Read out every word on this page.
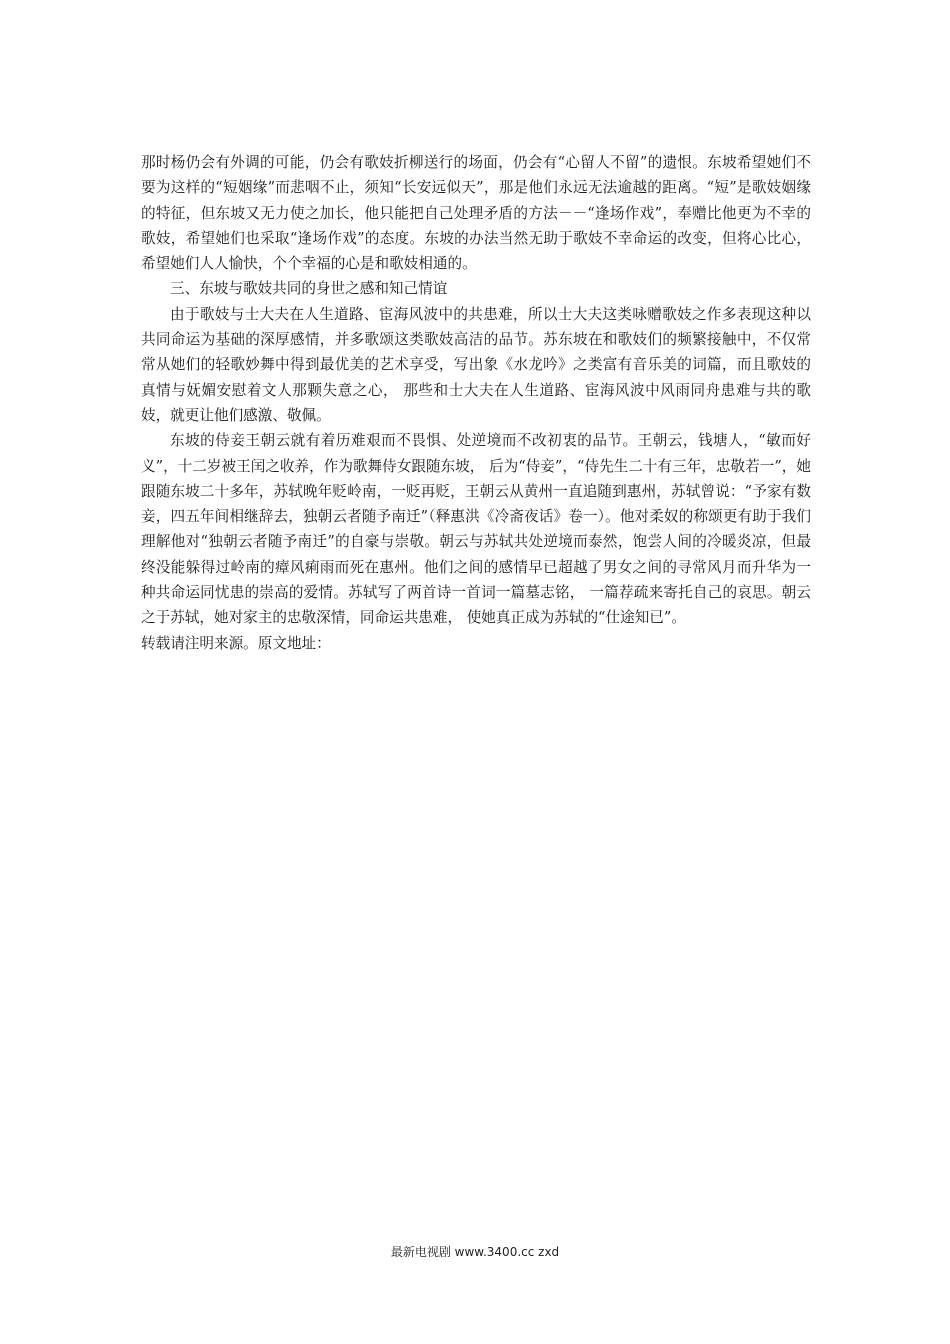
那时杨仍会有外调的可能，仍会有歌妓折柳送行的场面，仍会有“心留人不留”的遗恨。东坡希望她们不要为这样的“短姻缘”而悲咽不止，须知“长安远似天”，那是他们永远无法逾越的距离。“短”是歌妓姻缘的特征，但东坡又无力使之加长，他只能把自己处理矛盾的方法－－“逢场作戏”，奉赠比他更为不幸的歌妓，希望她们也采取“逢场作戏”的态度。东坡的办法当然无助于歌妓不幸命运的改变，但将心比心，希望她们人人愉快，个个幸福的心是和歌妓相通的。

三、东坡与歌妓共同的身世之感和知己情谊

由于歌妓与士大夫在人生道路、宦海风波中的共患难，所以士大夫这类咏赠歌妓之作多表现这种以共同命运为基础的深厚感情，并多歌颂这类歌妓高洁的品节。苏东坡在和歌妓们的频繁接触中，不仅常常从她们的轻歌妙舞中得到最优美的艺术享受，写出象《水龙吟》之类富有音乐美的词篇，而且歌妓的真情与妩媚安慰着文人那颗失意之心， 那些和士大夫在人生道路、宦海风波中风雨同舟患难与共的歌妓，就更让他们感激、敬佩。

东坡的侍妾王朝云就有着历难艰而不畏惧、处逆境而不改初衷的品节。王朝云，钱塘人，“敏而好义”，十二岁被王闰之收养，作为歌舞侍女跟随东坡， 后为“侍妾”，“侍先生二十有三年，忠敬若一”，她跟随东坡二十多年，苏轼晚年贬岭南，一贬再贬，王朝云从黄州一直追随到惠州，苏轼曾说：“予家有数妾，四五年间相继辞去，独朝云者随予南迁”（释惠洪《冷斋夜话》卷一）。他对柔奴的称颂更有助于我们理解他对“独朝云者随予南迁”的自豪与崇敬。朝云与苏轼共处逆境而泰然，饱尝人间的冷暖炎凉，但最终没能躲得过岭南的瘴风痢雨而死在惠州。他们之间的感情早已超越了男女之间的寻常风月而升华为一种共命运同忧患的崇高的爱情。苏轼写了两首诗一首词一篇墓志铭， 一篇荐疏来寄托自己的哀思。朝云之于苏轼，她对家主的忠敬深情，同命运共患难， 使她真正成为苏轼的“仕途知已”。

转载请注明来源。原文地址：

最新电视剧 www.3400.cc zxd
